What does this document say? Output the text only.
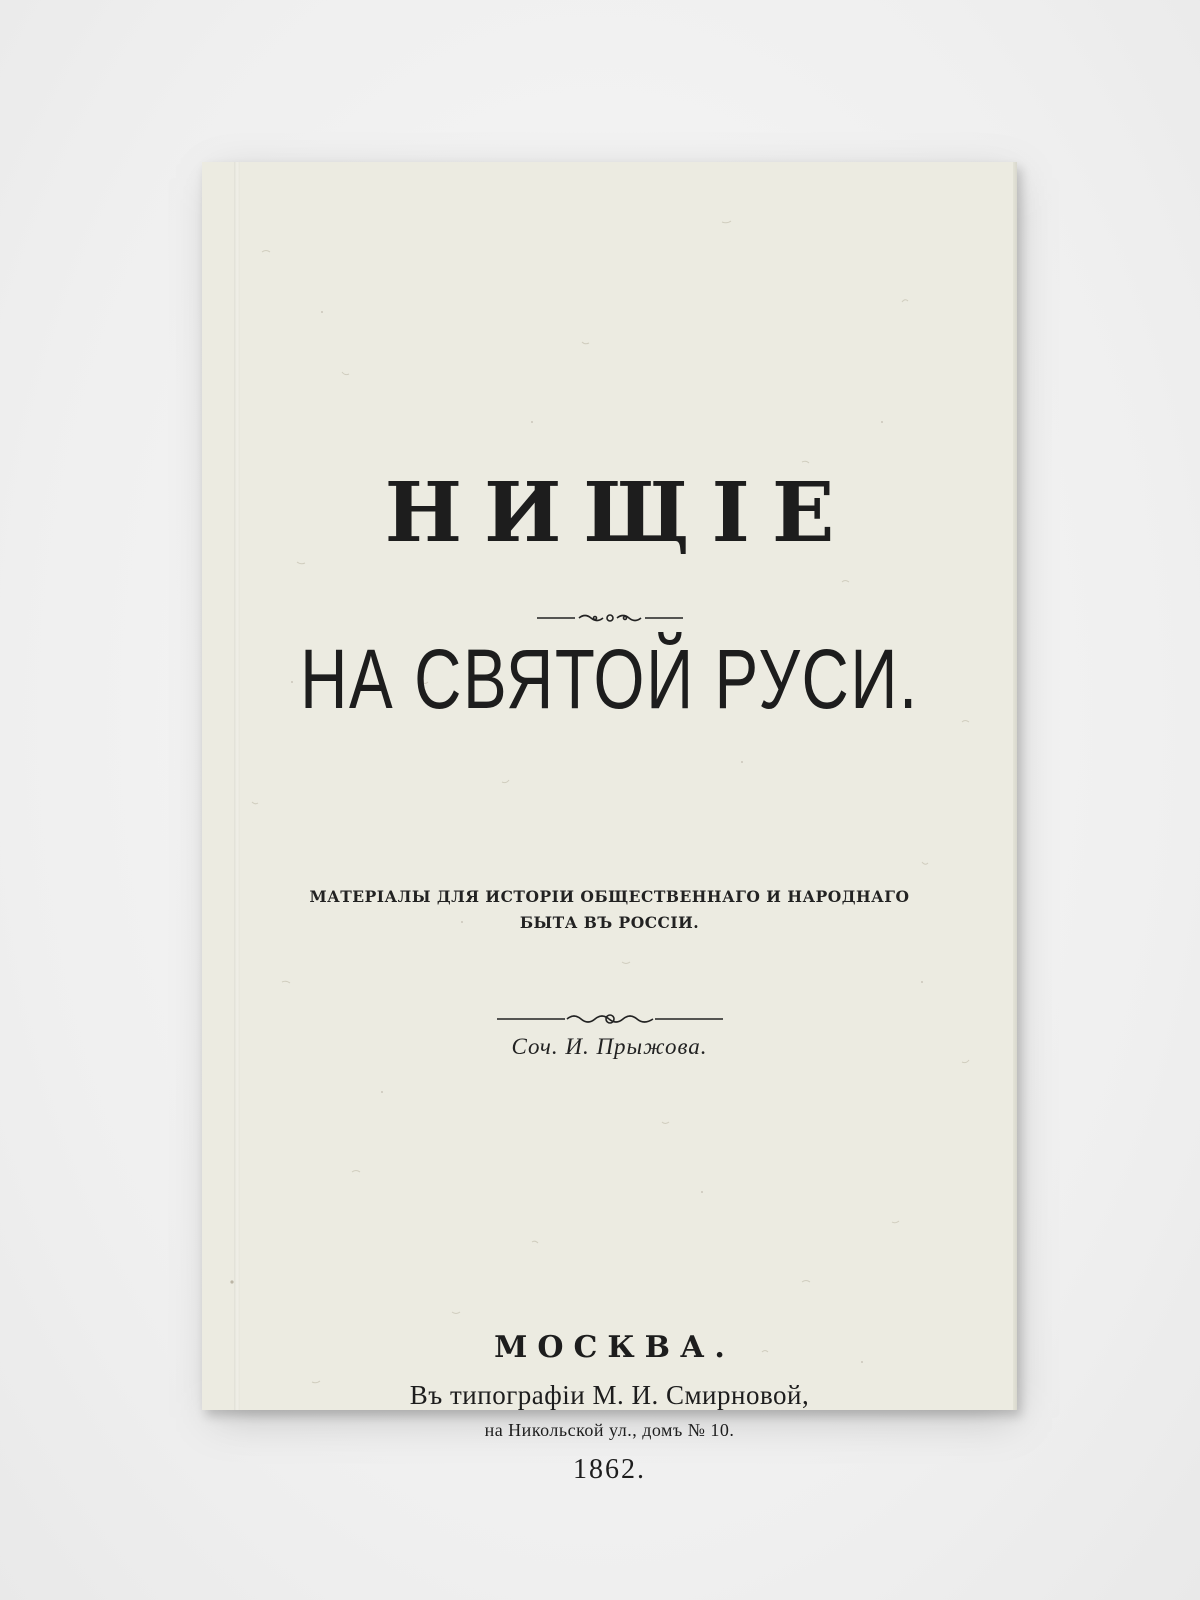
НИЩІЕ
НА СВЯТОЙ РУСИ.
МАТЕРІАЛЫ ДЛЯ ИСТОРІИ ОБЩЕСТВЕННАГО И НАРОДНАГО
БЫТА ВЪ РОССІИ.
Соч. И. Прыжова.
МОСКВА.
Въ типографіи М. И. Смирновой,
на Никольской ул., домъ № 10.
1862.
